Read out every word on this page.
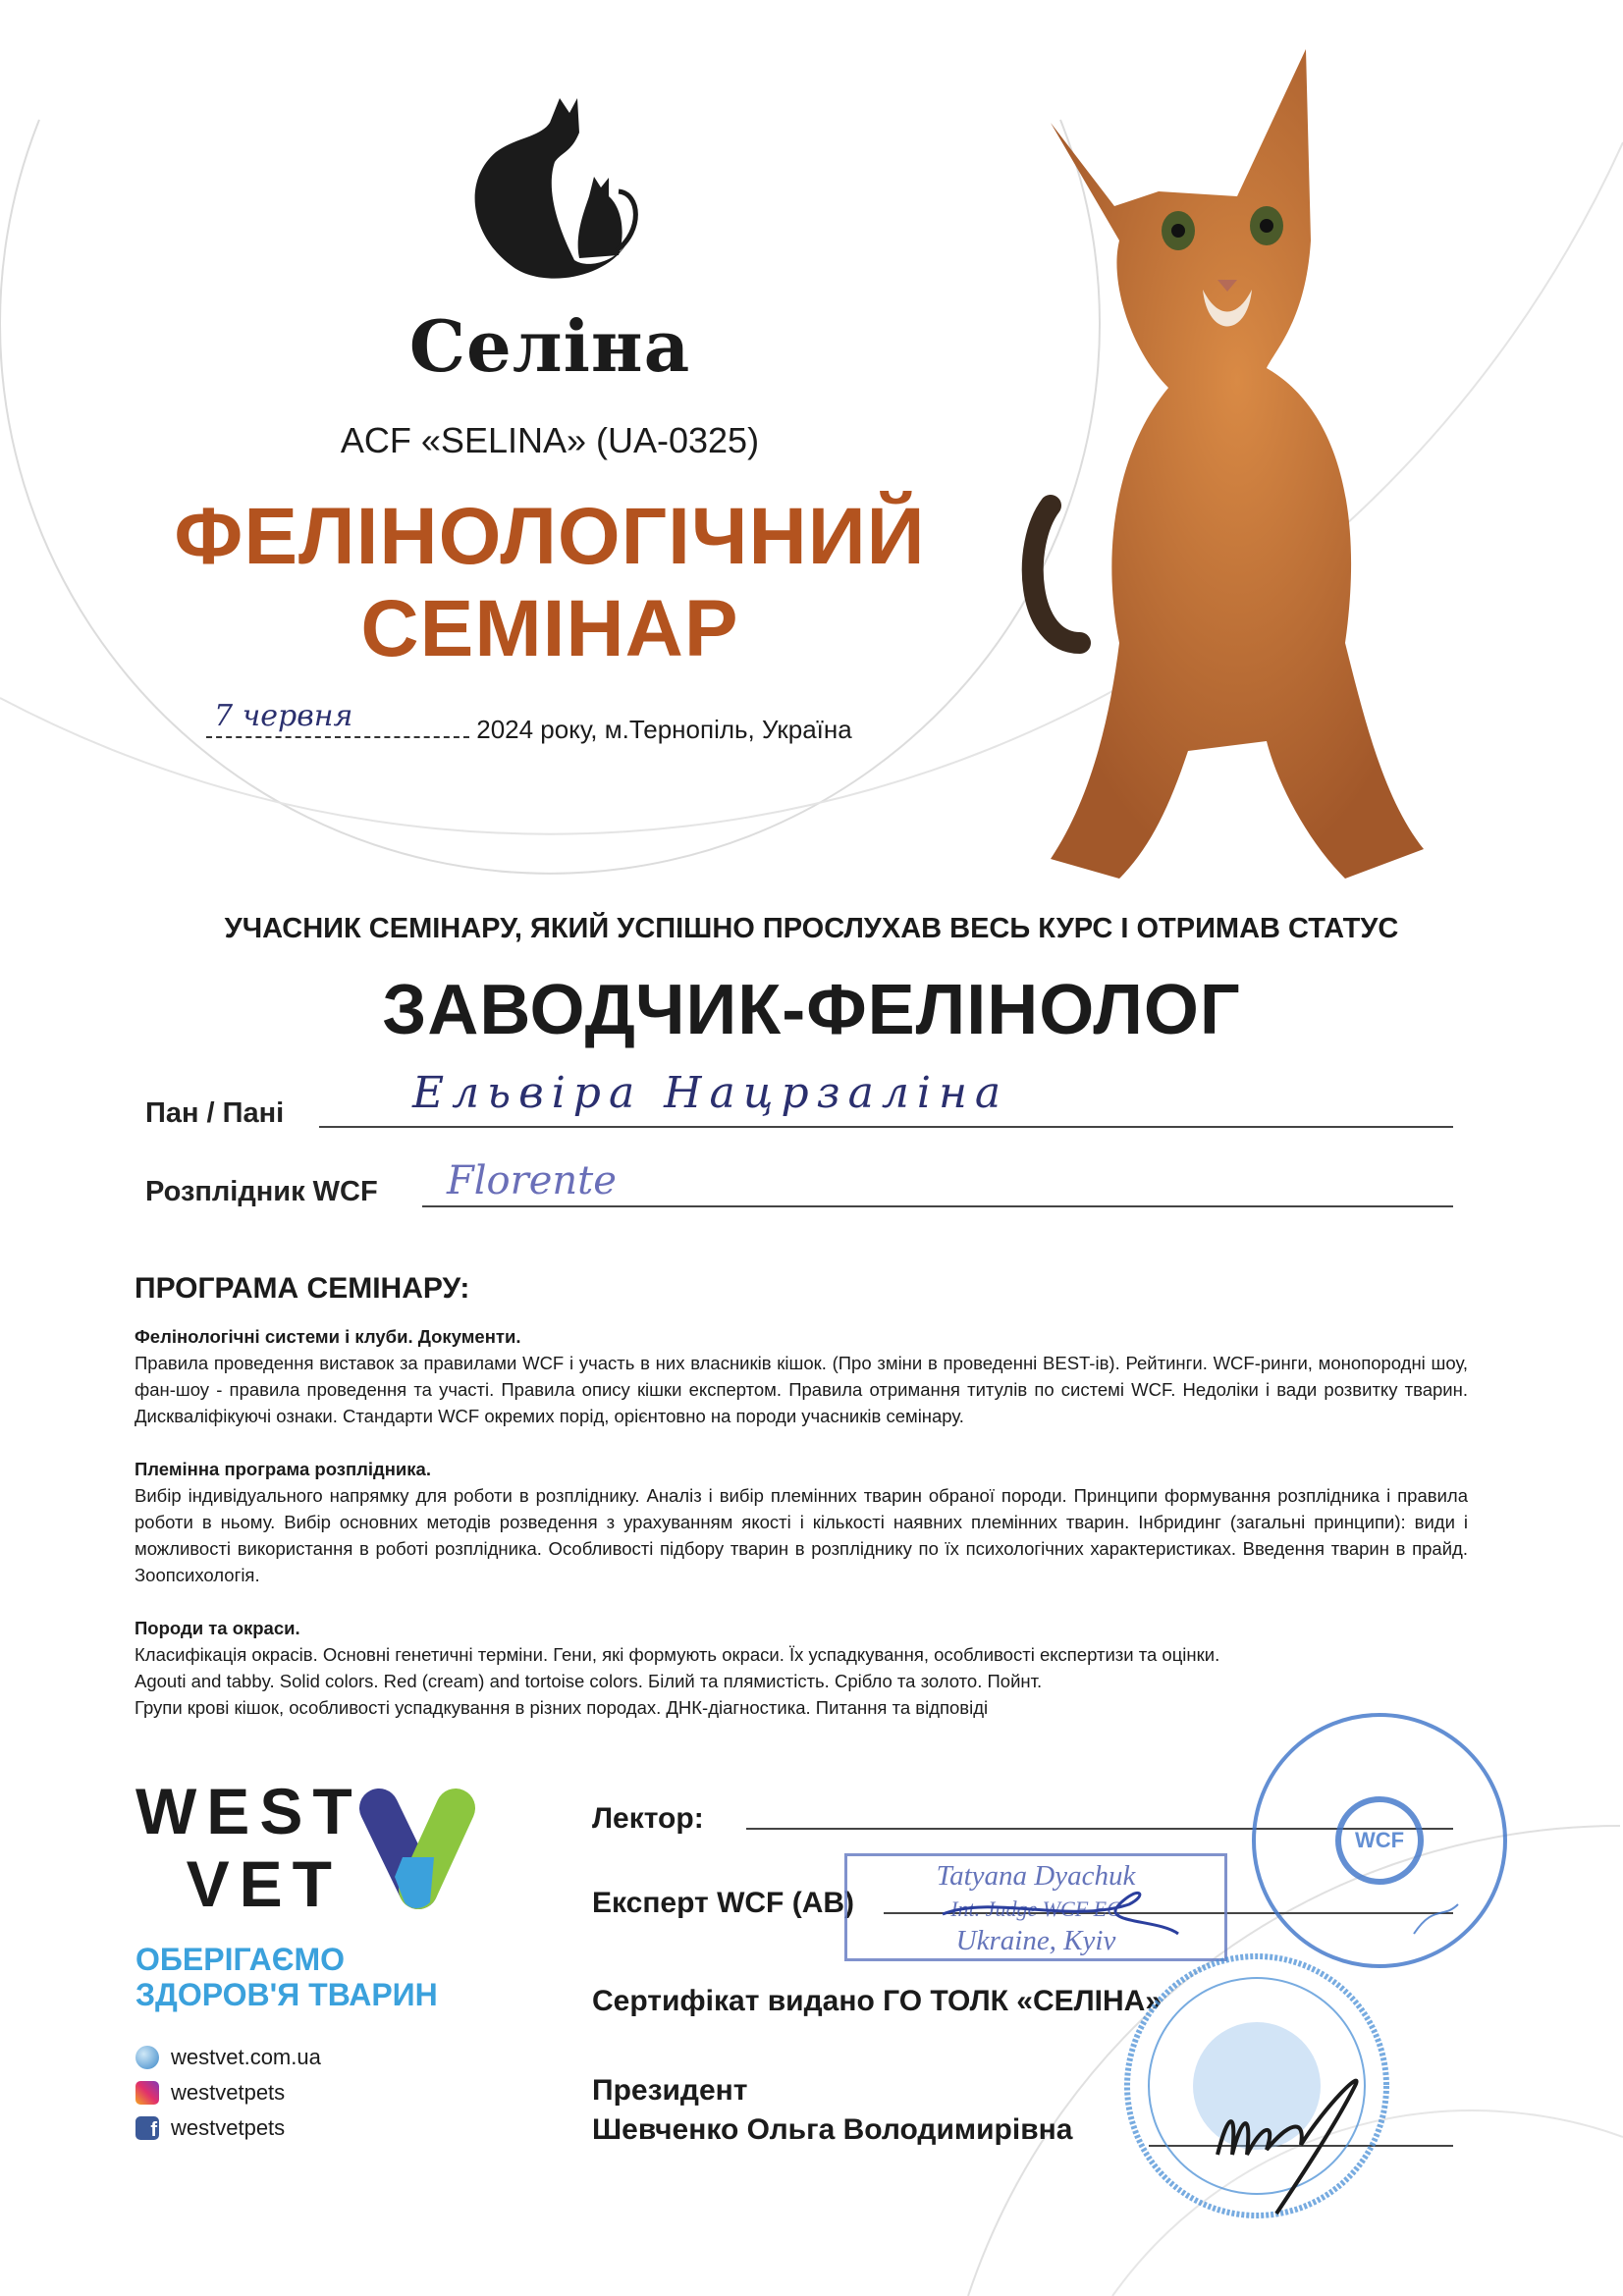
Селіна
ACF «SELINA» (UA-0325)
ФЕЛІНОЛОГІЧНИЙ
СЕМІНАР
7 червня	2024 року, м.Тернопіль, Україна
УЧАСНИК СЕМІНАРУ, ЯКИЙ УСПІШНО ПРОСЛУХАВ ВЕСЬ КУРС І ОТРИМАВ СТАТУС
ЗАВОДЧИК-ФЕЛІНОЛОГ
Пан / Пані	Ельвіра Нацрзаліна
Розплідник WCF Florente
ПРОГРАМА СЕМІНАРУ:
Фелінологічні системи і клуби. Документи.

Правила проведення виставок за правилами WCF і участь в них власників кішок. (Про зміни в проведенні BEST-ів). Рейтинги. WCF-ринги, монопородні шоу, фан-шоу - правила проведення та участі. Правила опису кішки експертом. Правила отримання титулів по системі WCF. Недоліки і вади розвитку тварин. Дискваліфікуючі ознаки. Стандарти WCF окремих порід, орієнтовно на породи учасників семінару.

Племінна програма розплідника.

Вибір індивідуального напрямку для роботи в розпліднику. Аналіз і вибір племінних тварин обраної породи. Принципи формування розплідника і правила роботи в ньому. Вибір основних методів розведення з урахуванням якості і кількості наявних племінних тварин. Інбридинг (загальні принципи): види і можливості використання в роботі розплідника. Особливості підбору тварин в розпліднику по їх психологічних характеристиках. Введення тварин в прайд. Зоопсихологія.

Породи та окраси.
Класифікація окрасів. Основні генетичні терміни. Гени, які формують окраси. Їх успадкування, особливості експертизи та оцінки.
Agouti and tabby. Solid colors. Red (cream) and tortoise colors. Білий та плямистість. Срібло та золото. Пойнт.
Групи крові кішок, особливості успадкування в різних породах. ДНК-діагностика. Питання та відповіді
WEST
VET
ОБЕРІГАЄМО
ЗДОРОВ'Я ТВАРИН
westvet.com.ua
westvetpets
f westvetpets
Лектор:
Експерт WCF (AB)
Сертифікат видано ГО ТОЛК «СЕЛІНА»
Президент
Шевченко Ольга Володимирівна
Tatyana Dyachuk
Int. Judge WCF EC
Ukraine, Kyiv
WCF
